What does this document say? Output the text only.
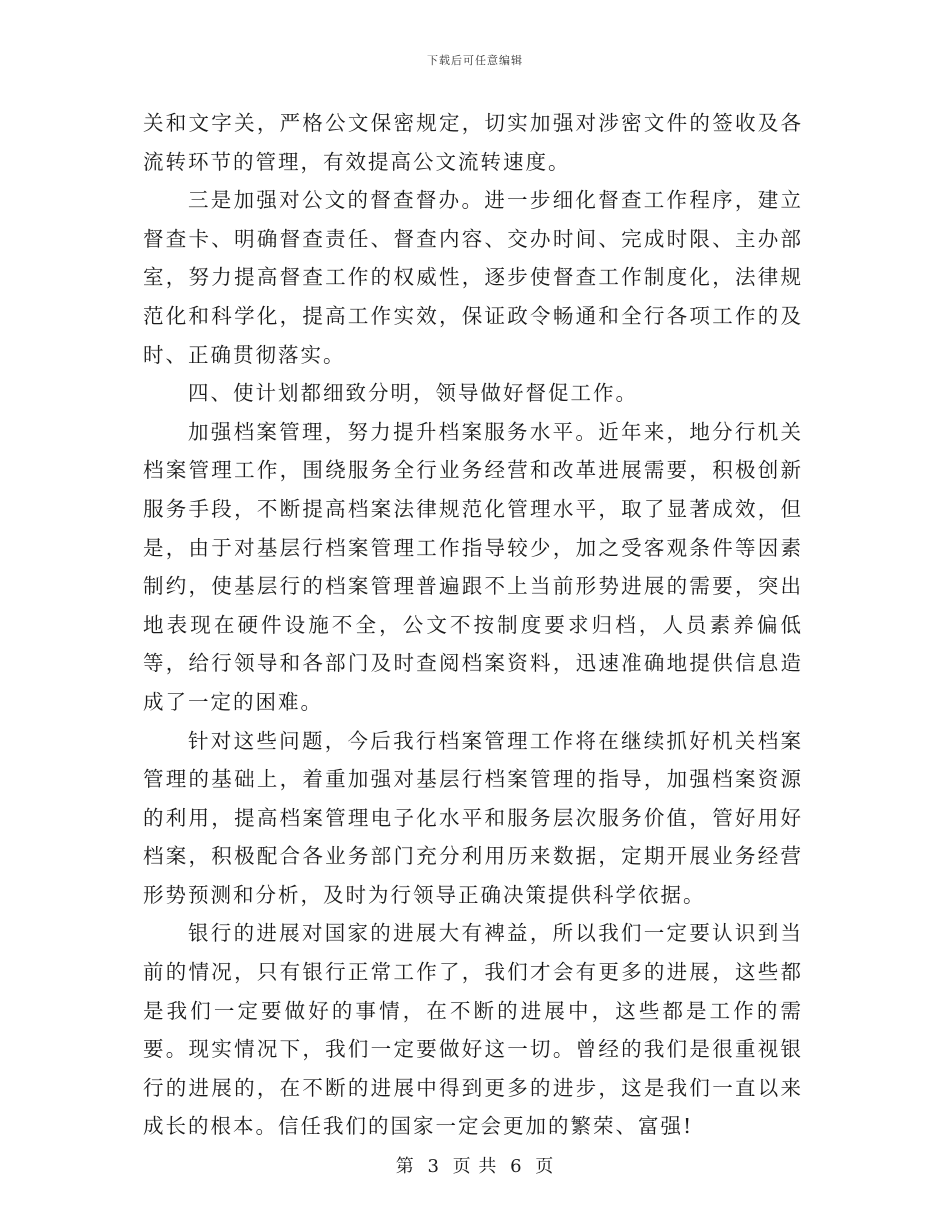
下载后可任意编辑

关和文字关，严格公文保密规定，切实加强对涉密文件的签收及各流转环节的管理，有效提高公文流转速度。

三是加强对公文的督查督办。进一步细化督查工作程序，建立督查卡、明确督查责任、督查内容、交办时间、完成时限、主办部室，努力提高督查工作的权威性，逐步使督查工作制度化，法律规范化和科学化，提高工作实效，保证政令畅通和全行各项工作的及时、正确贯彻落实。

四、使计划都细致分明，领导做好督促工作。

加强档案管理，努力提升档案服务水平。近年来，地分行机关档案管理工作，围绕服务全行业务经营和改革进展需要，积极创新服务手段，不断提高档案法律规范化管理水平，取了显著成效，但是，由于对基层行档案管理工作指导较少，加之受客观条件等因素制约，使基层行的档案管理普遍跟不上当前形势进展的需要，突出地表现在硬件设施不全，公文不按制度要求归档，人员素养偏低等，给行领导和各部门及时查阅档案资料，迅速准确地提供信息造成了一定的困难。

针对这些问题，今后我行档案管理工作将在继续抓好机关档案管理的基础上，着重加强对基层行档案管理的指导，加强档案资源的利用，提高档案管理电子化水平和服务层次服务价值，管好用好档案，积极配合各业务部门充分利用历来数据，定期开展业务经营形势预测和分析，及时为行领导正确决策提供科学依据。

银行的进展对国家的进展大有裨益，所以我们一定要认识到当前的情况，只有银行正常工作了，我们才会有更多的进展，这些都是我们一定要做好的事情，在不断的进展中，这些都是工作的需要。现实情况下，我们一定要做好这一切。曾经的我们是很重视银行的进展的，在不断的进展中得到更多的进步，这是我们一直以来成长的根本。信任我们的国家一定会更加的繁荣、富强!

第 3 页 共 6 页
